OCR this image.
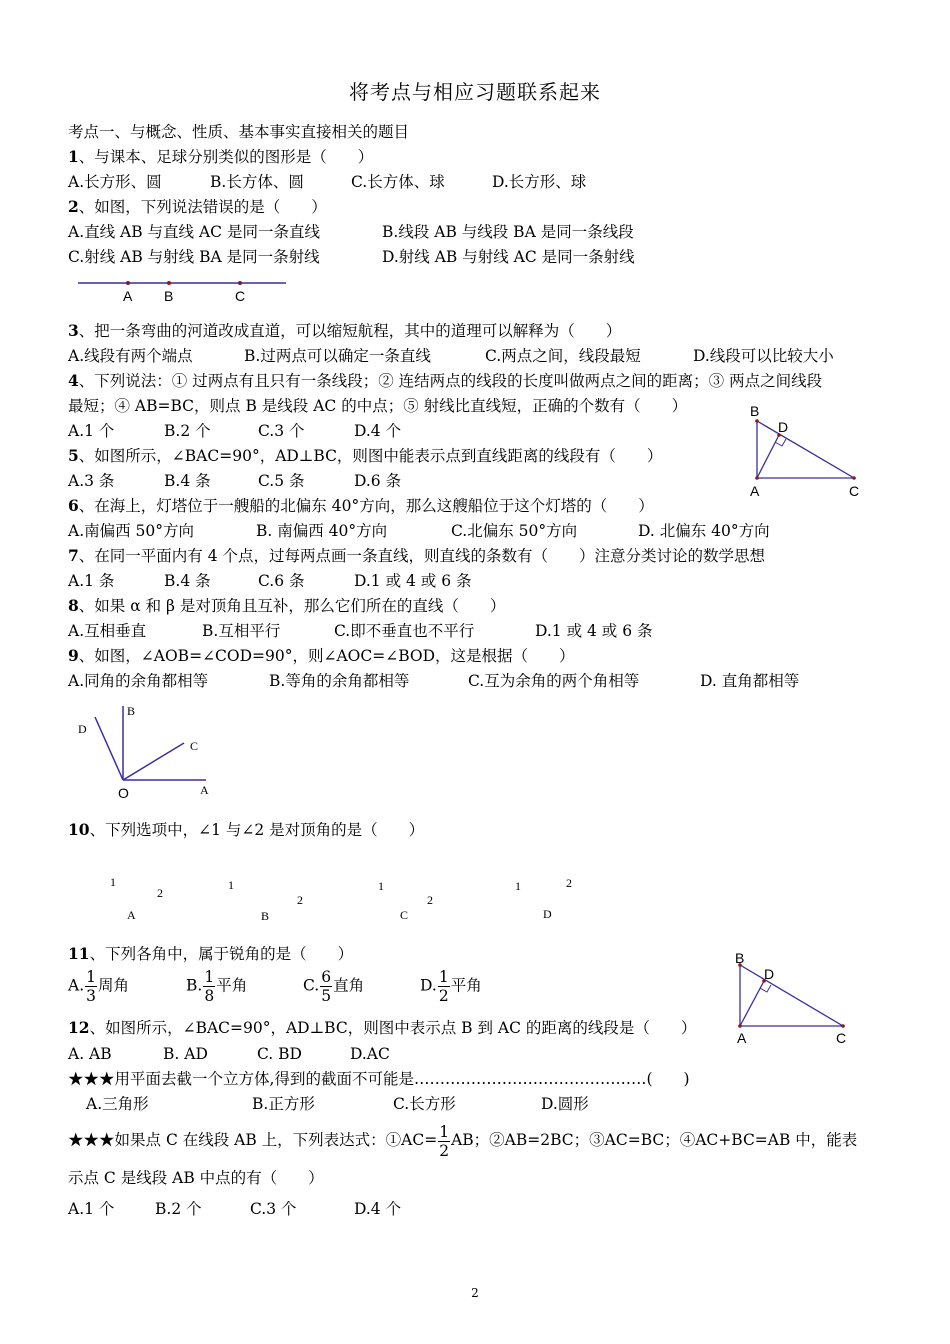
将考点与相应习题联系起来
考点一、与概念、性质、基本事实直接相关的题目
1、与课本、足球分别类似的图形是（　　）
A.长方形、圆	B.长方体、圆	C.长方体、球	D.长方形、球
2、如图，下列说法错误的是（　　）
A.直线 AB 与直线 AC 是同一条直线	B.线段 AB 与线段 BA 是同一条线段
C.射线 AB 与射线 BA 是同一条射线	D.射线 AB 与射线 AC 是同一条射线
A B	C
3、把一条弯曲的河道改成直道，可以缩短航程，其中的道理可以解释为（　　）
A.线段有两个端点	B.过两点可以确定一条直线	C.两点之间，线段最短	D.线段可以比较大小
4、下列说法：① 过两点有且只有一条线段；② 连结两点的线段的长度叫做两点之间的距离；③ 两点之间线段
最短；④ AB=BC，则点 B 是线段 AC 的中点；⑤ 射线比直线短，正确的个数有（　　）
A.1 个	B.2 个	C.3 个	D.4 个
B
D
A	C
5、如图所示，∠BAC=90°，AD⊥BC，则图中能表示点到直线距离的线段有（　　）
A.3 条	B.4 条	C.5 条	D.6 条
6、在海上，灯塔位于一艘船的北偏东 40°方向，那么这艘船位于这个灯塔的（　　）
A.南偏西 50°方向	B. 南偏西 40°方向	C.北偏东 50°方向	D. 北偏东 40°方向
7、在同一平面内有 4 个点，过每两点画一条直线，则直线的条数有（　　）注意分类讨论的数学思想
A.1 条	B.4 条	C.6 条	D.1 或 4 或 6 条
8、如果 α 和 β 是对顶角且互补，那么它们所在的直线（　　）
A.互相垂直	B.互相平行	C.即不垂直也不平行	D.1 或 4 或 6 条
9、如图，∠AOB=∠COD=90°，则∠AOC=∠BOD，这是根据（　　）
A.同角的余角都相等	B.等角的余角都相等	C.互为余角的两个角相等	D. 直角都相等
B
D
C
O	A
10、下列选项中，∠1 与∠2 是对顶角的是（　　）
1
2
A
1
2
B
1
2
C
1	2
D
11、下列各角中，属于锐角的是（　　）
A. $\frac{1}{3}$ 周角	B. $\frac{1}{8}$ 平角	C. $\frac{6}{5}$ 直角	D. $\frac{1}{2}$ 平角
B
D
A	C
12、如图所示，∠BAC=90°，AD⊥BC，则图中表示点 B 到 AC 的距离的线段是（　　）
A. AB	B. AD	C. BD	D.AC
★★★用平面去截一个立方体,得到的截面不可能是………………………………………(　　)
A.三角形	B.正方形	C.长方形	D.圆形
★★★如果点 C 在线段 AB 上，下列表达式：①AC= $\frac{1}{2}$ AB；②AB=2BC；③AC=BC；④AC+BC=AB 中，能表
示点 C 是线段 AB 中点的有（　　）
A.1 个	B.2 个	C.3 个	D.4 个
2
